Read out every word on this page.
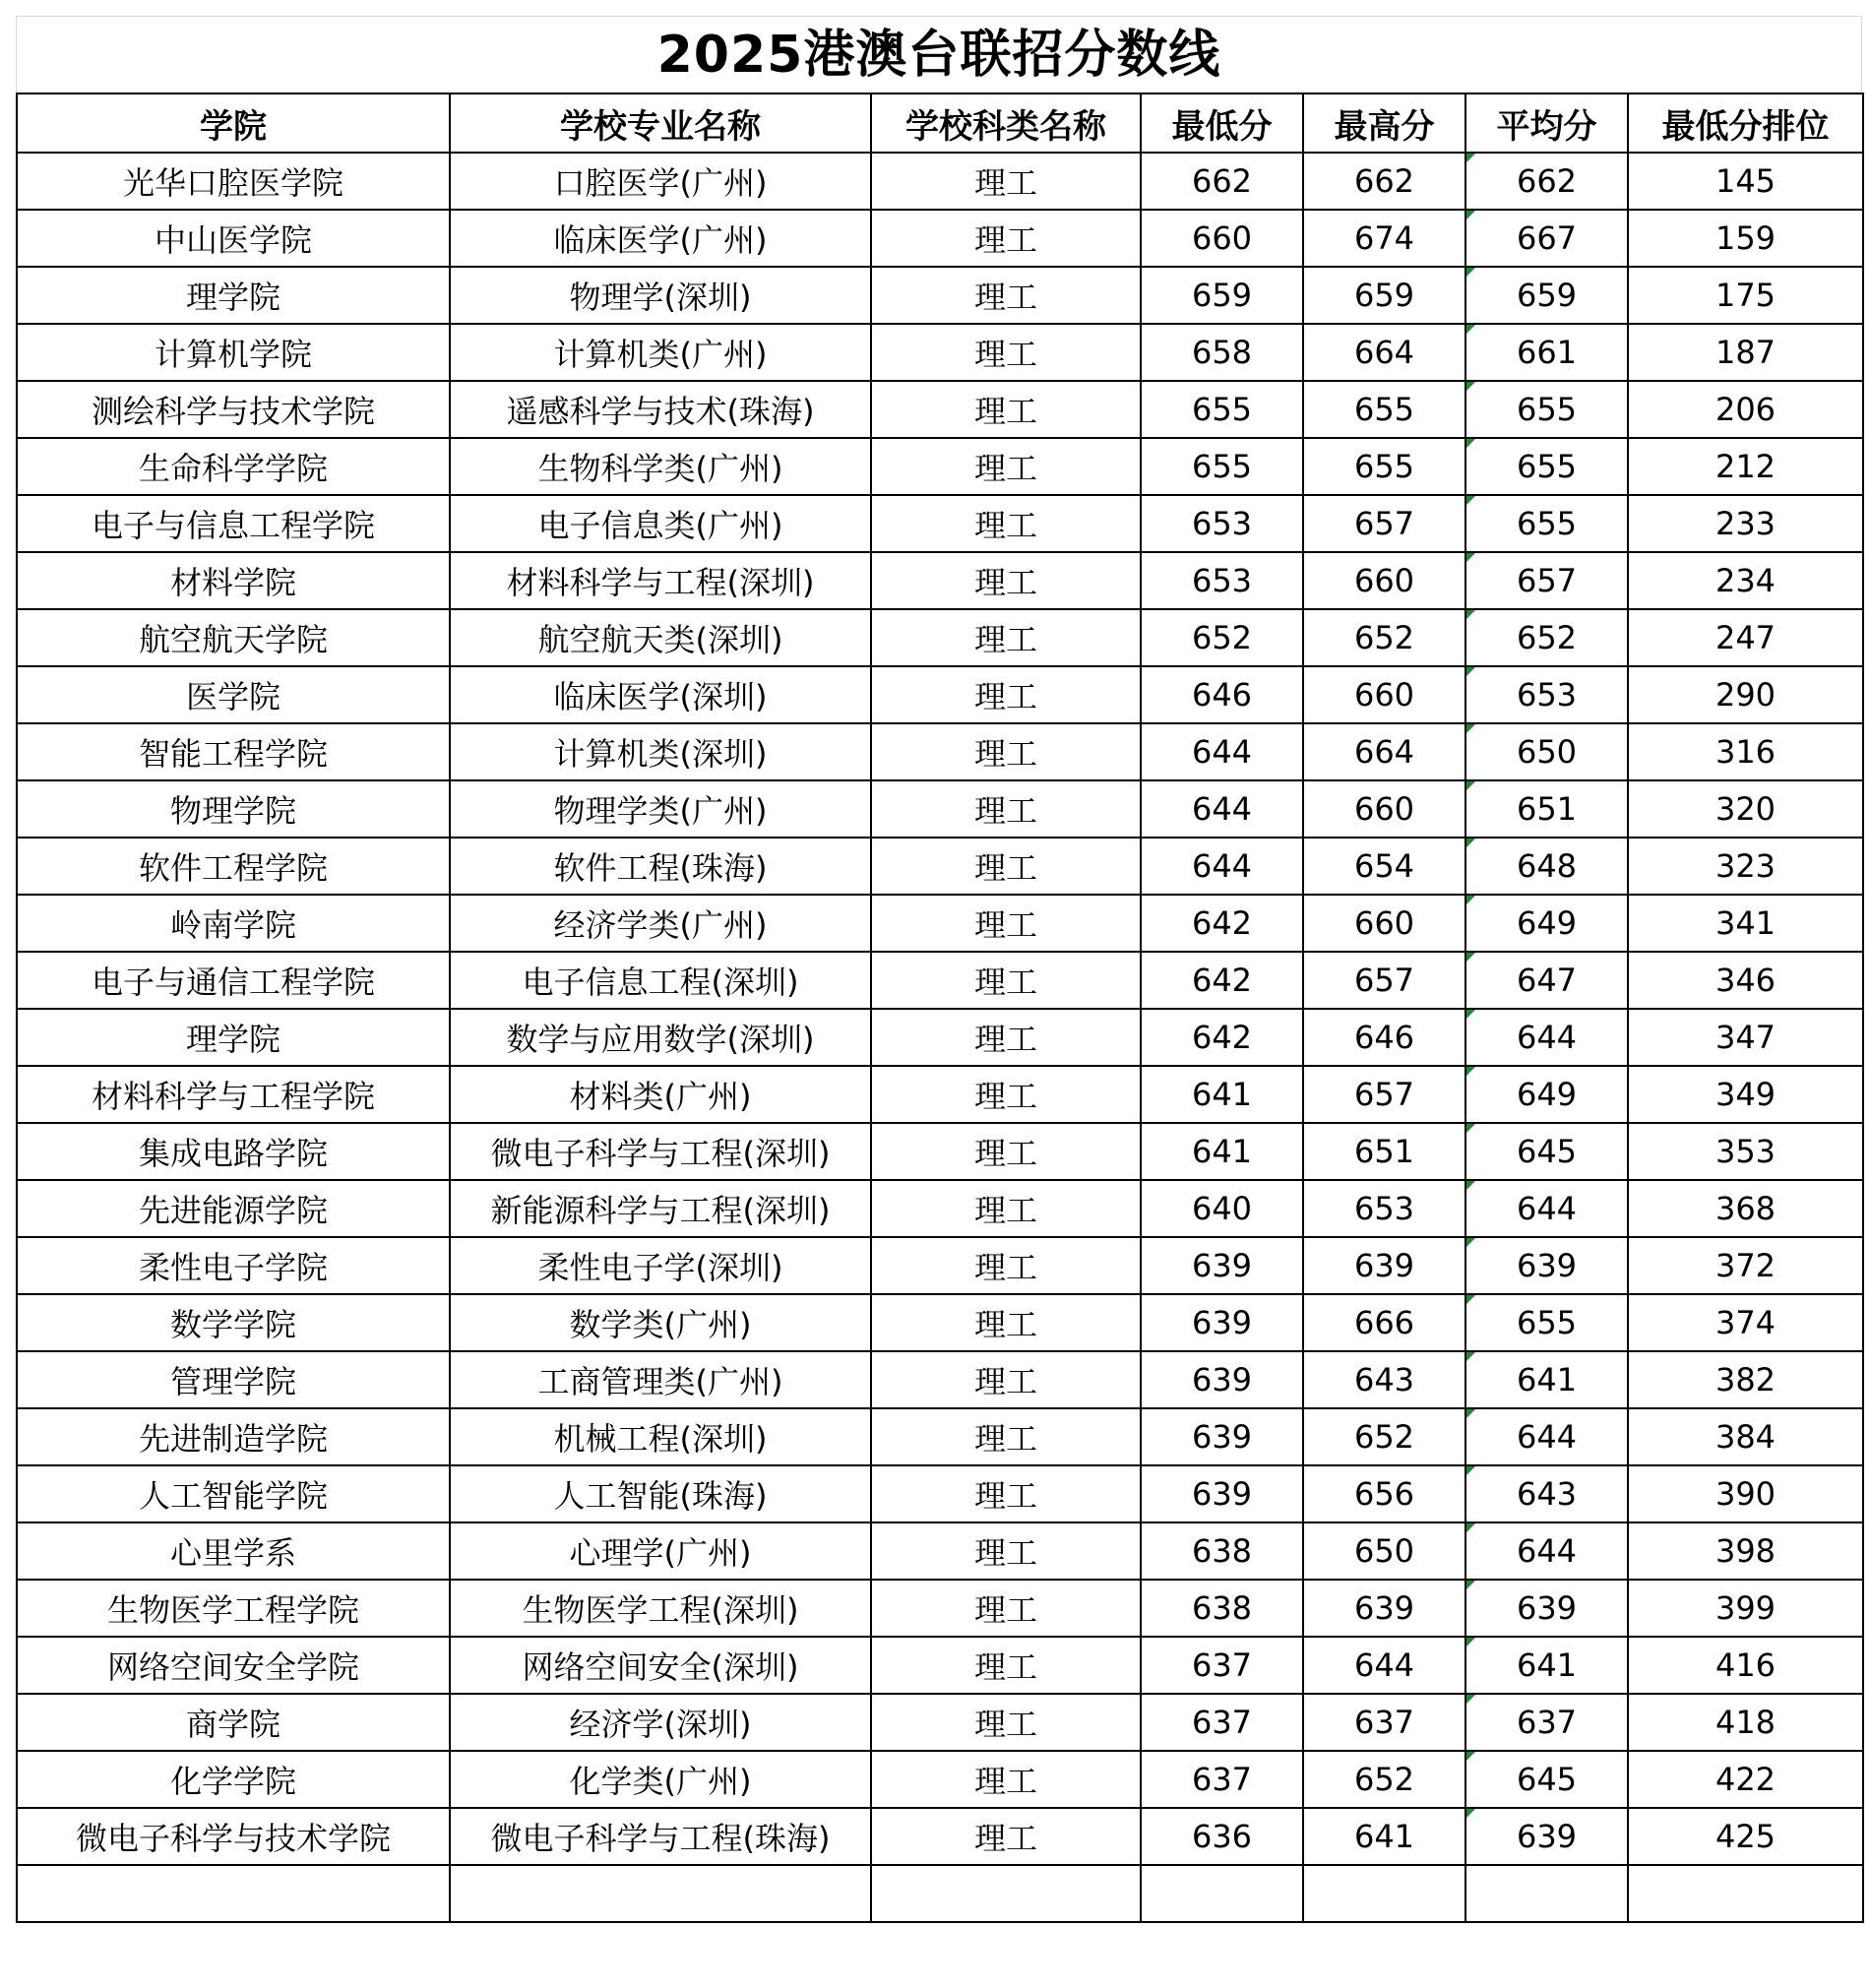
2025港澳台联招分数线
学院	学校专业名称	学校科类名称	最低分	最高分	平均分	最低分排位
光华口腔医学院	口腔医学(广州)	理工	662	662	662	145
中山医学院	临床医学(广州)	理工	660	674	667	159
理学院	物理学(深圳)	理工	659	659	659	175
计算机学院	计算机类(广州)	理工	658	664	661	187
测绘科学与技术学院	遥感科学与技术(珠海)	理工	655	655	655	206
生命科学学院	生物科学类(广州)	理工	655	655	655	212
电子与信息工程学院	电子信息类(广州)	理工	653	657	655	233
材料学院	材料科学与工程(深圳)	理工	653	660	657	234
航空航天学院	航空航天类(深圳)	理工	652	652	652	247
医学院	临床医学(深圳)	理工	646	660	653	290
智能工程学院	计算机类(深圳)	理工	644	664	650	316
物理学院	物理学类(广州)	理工	644	660	651	320
软件工程学院	软件工程(珠海)	理工	644	654	648	323
岭南学院	经济学类(广州)	理工	642	660	649	341
电子与通信工程学院	电子信息工程(深圳)	理工	642	657	647	346
理学院	数学与应用数学(深圳)	理工	642	646	644	347
材料科学与工程学院	材料类(广州)	理工	641	657	649	349
集成电路学院	微电子科学与工程(深圳)	理工	641	651	645	353
先进能源学院	新能源科学与工程(深圳)	理工	640	653	644	368
柔性电子学院	柔性电子学(深圳)	理工	639	639	639	372
数学学院	数学类(广州)	理工	639	666	655	374
管理学院	工商管理类(广州)	理工	639	643	641	382
先进制造学院	机械工程(深圳)	理工	639	652	644	384
人工智能学院	人工智能(珠海)	理工	639	656	643	390
心里学系	心理学(广州)	理工	638	650	644	398
生物医学工程学院	生物医学工程(深圳)	理工	638	639	639	399
网络空间安全学院	网络空间安全(深圳)	理工	637	644	641	416
商学院	经济学(深圳)	理工	637	637	637	418
化学学院	化学类(广州)	理工	637	652	645	422
微电子科学与技术学院	微电子科学与工程(珠海)	理工	636	641	639	425
